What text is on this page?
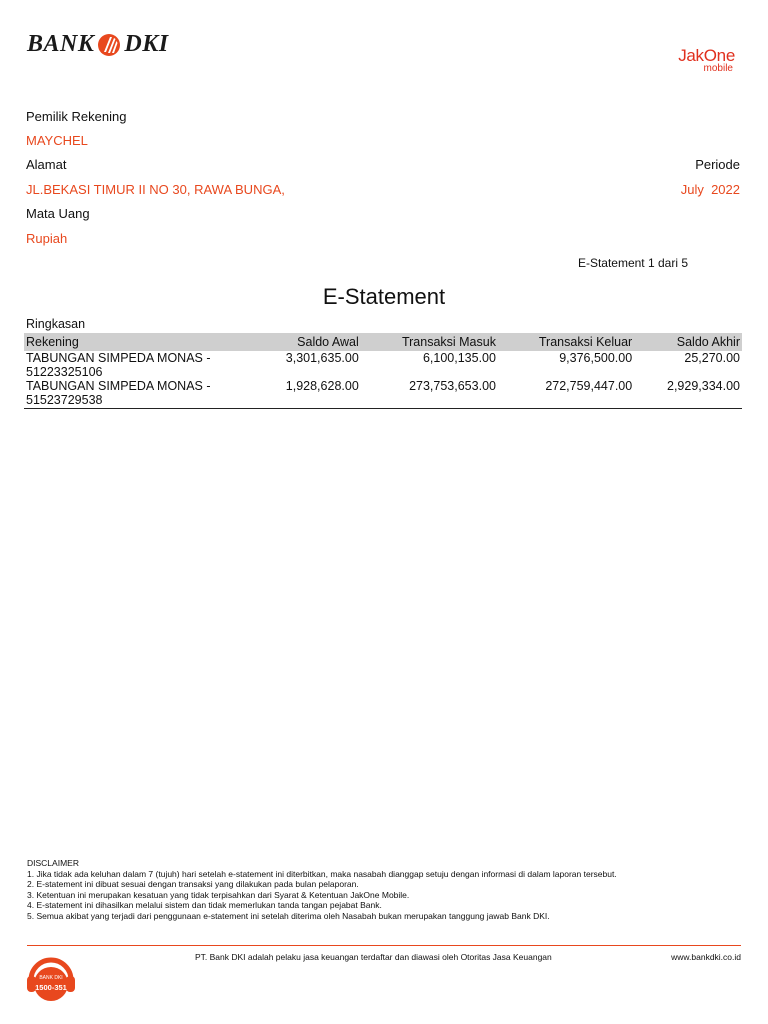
BANK DKI	JakOne
mobile
Pemilik Rekening
MAYCHEL
Alamat
JL.BEKASI TIMUR II NO 30, RAWA BUNGA,
Mata Uang
Rupiah
Periode
July  2022
E-Statement 1 dari 5
E-Statement
Ringkasan
Rekening	Saldo Awal	Transaksi Masuk	Transaksi Keluar	Saldo Akhir

TABUNGAN SIMPEDA MONAS -
51223325106	3,301,635.00	6,100,135.00	9,376,500.00	25,270.00

TABUNGAN SIMPEDA MONAS -
51523729538	1,928,628.00	273,753,653.00	272,759,447.00	2,929,334.00
DISCLAIMER
1. Jika tidak ada keluhan dalam 7 (tujuh) hari setelah e-statement ini diterbitkan, maka nasabah dianggap setuju dengan informasi di dalam laporan tersebut.
2. E-statement ini dibuat sesuai dengan transaksi yang dilakukan pada bulan pelaporan.
3. Ketentuan ini merupakan kesatuan yang tidak terpisahkan dari Syarat & Ketentuan JakOne Mobile.
4. E-statement ini dihasilkan melalui sistem dan tidak memerlukan tanda tangan pejabat Bank.
5. Semua akibat yang terjadi dari penggunaan e-statement ini setelah diterima oleh Nasabah bukan merupakan tanggung jawab Bank DKI.
BANK DKI
1500-351
PT. Bank DKI adalah pelaku jasa keuangan terdaftar dan diawasi oleh Otoritas Jasa Keuangan	www.bankdki.co.id
